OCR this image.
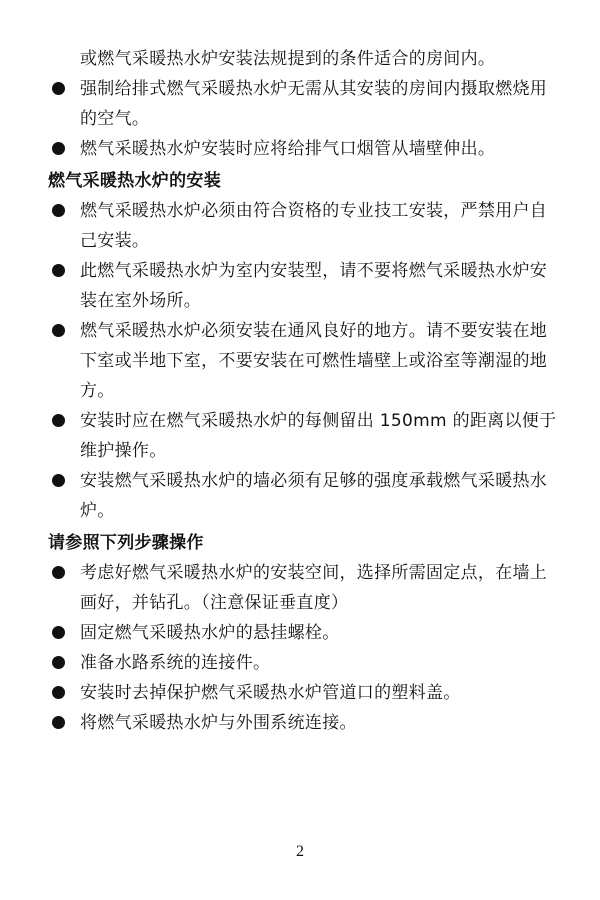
或燃气采暖热水炉安装法规提到的条件适合的房间内。
强制给排式燃气采暖热水炉无需从其安装的房间内摄取燃烧用的空气。
燃气采暖热水炉安装时应将给排气口烟管从墙壁伸出。
燃气采暖热水炉的安装
燃气采暖热水炉必须由符合资格的专业技工安装，严禁用户自己安装。
此燃气采暖热水炉为室内安装型，请不要将燃气采暖热水炉安装在室外场所。
燃气采暖热水炉必须安装在通风良好的地方。请不要安装在地下室或半地下室，不要安装在可燃性墙壁上或浴室等潮湿的地方。
安装时应在燃气采暖热水炉的每侧留出 150mm 的距离以便于维护操作。
安装燃气采暖热水炉的墙必须有足够的强度承载燃气采暖热水炉。
请参照下列步骤操作
考虑好燃气采暖热水炉的安装空间，选择所需固定点，在墙上画好，并钻孔。（注意保证垂直度）
固定燃气采暖热水炉的悬挂螺栓。
准备水路系统的连接件。
安装时去掉保护燃气采暖热水炉管道口的塑料盖。
将燃气采暖热水炉与外围系统连接。
2
